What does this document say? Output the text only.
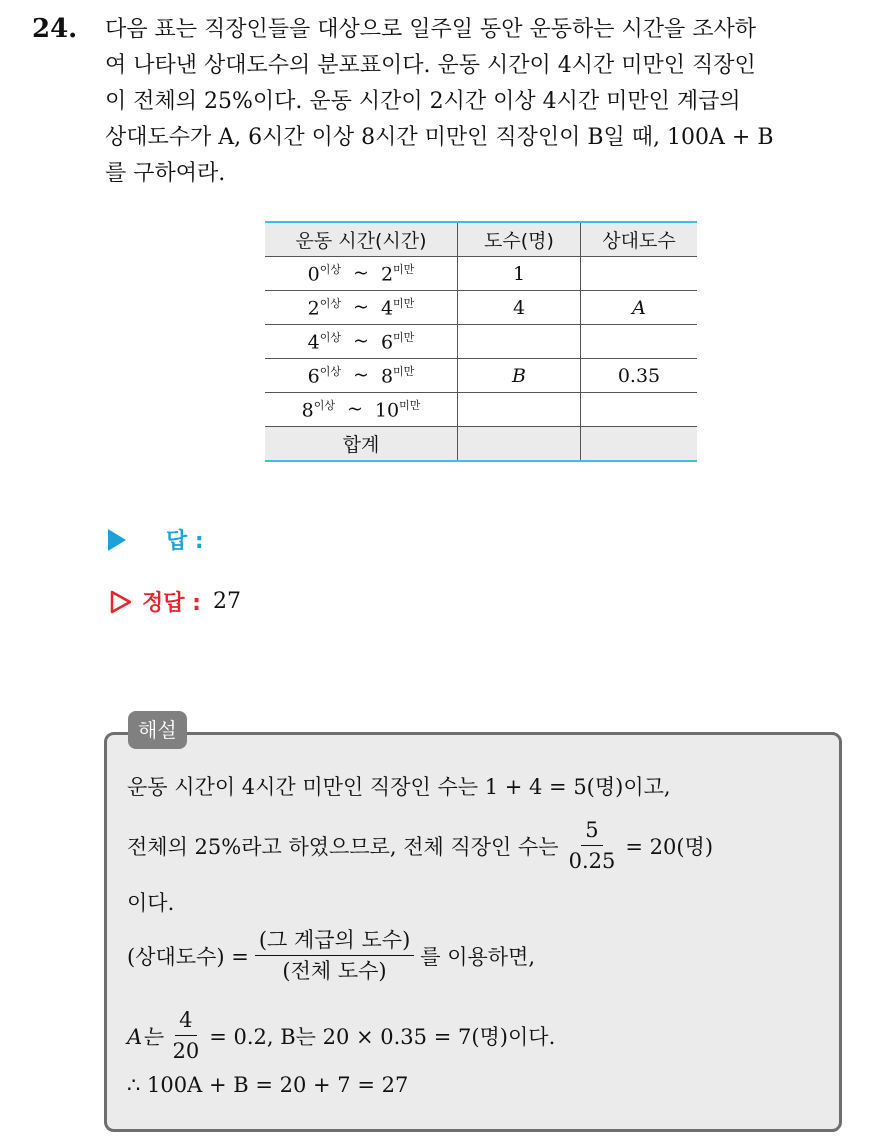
24. 다음 표는 직장인들을 대상으로 일주일 동안 운동하는 시간을 조사하
여 나타낸 상대도수의 분포표이다. 운동 시간이 4시간 미만인 직장인
이 전체의 25%이다. 운동 시간이 2시간 이상 4시간 미만인 계급의
상대도수가 A, 6시간 이상 8시간 미만인 직장인이 B일 때, 100A + B
를 구하여라.
운동 시간(시간)	도수(명)	상대도수

$0^{이상}$ ~ $2^{미만}$	1	

$2^{이상}$ ~ $4^{미만}$	4	A

$4^{이상}$ ~ $6^{미만}$

$6^{이상}$ ~ $8^{미만}$	B	0.35

$8^{이상}$ ~ $10^{미만}$

합계		
답 :
정답 : 27
운동 시간이 4시간 미만인 직장인 수는 1 + 4 = 5(명)이고,
전체의 25%라고 하였으므로, 전체 직장인 수는 $\frac{5}{0.25} = 20$(명)
이다.
(상대도수) = $\frac{\text{(그 계급의 도수)}}{\text{(전체 도수)}}$ 를 이용하면,
A는 $\frac{4}{20} = 0.2$, B는 20 × 0.35 = 7(명)이다.
∴ 100A + B = 20 + 7 = 27
해설
